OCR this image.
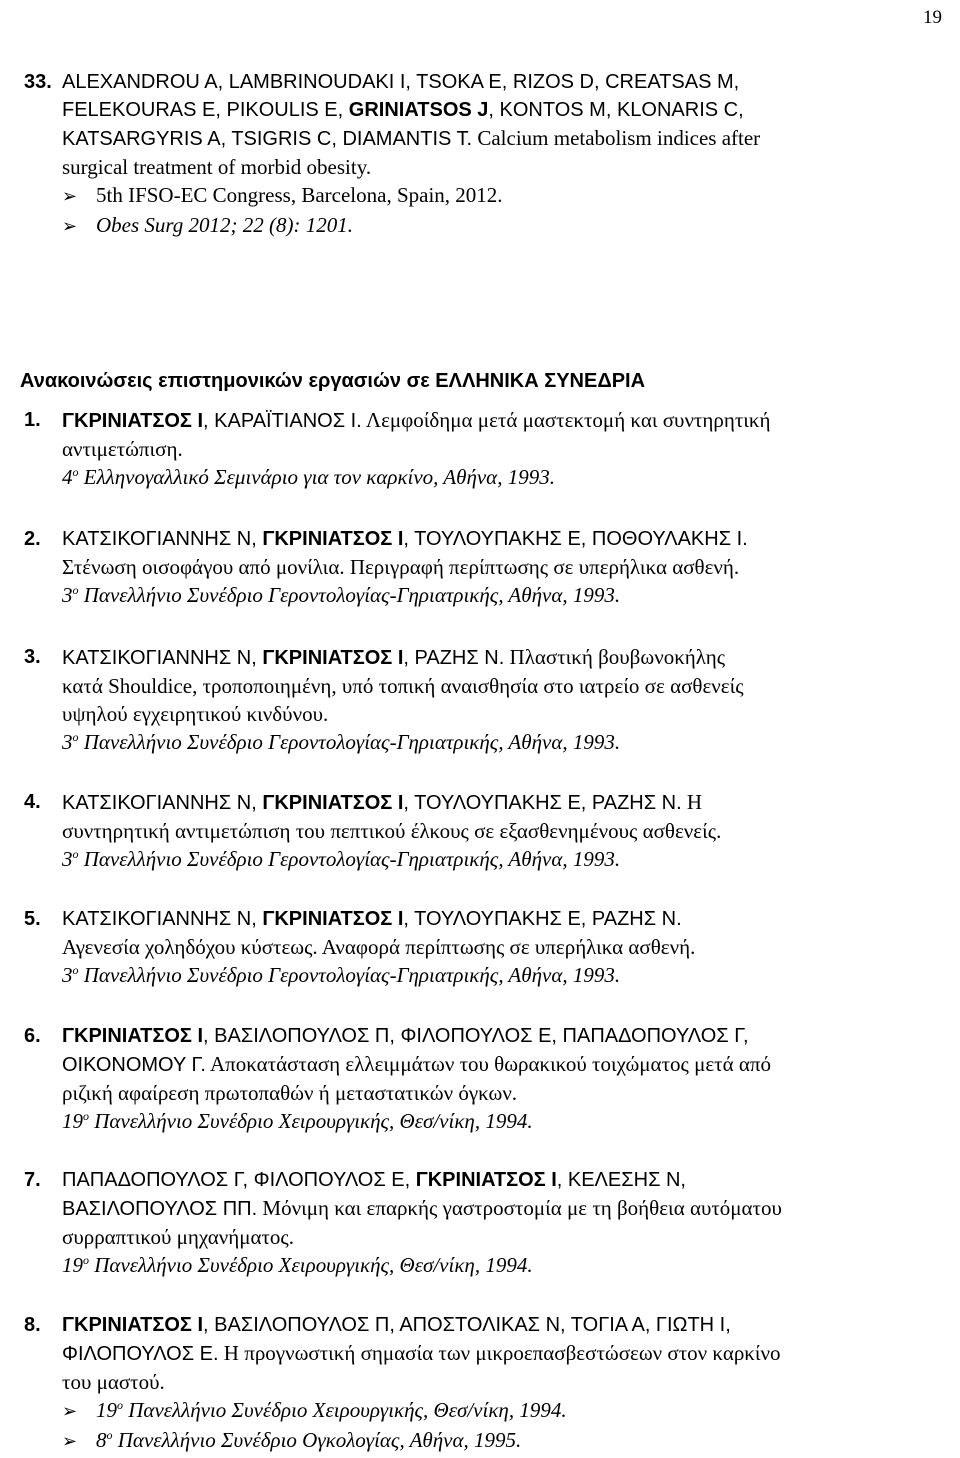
19
33. ALEXANDROU A, LAMBRINOUDAKI I, TSOKA E, RIZOS D, CREATSAS M,
FELEKOURAS E, PIKOULIS E, GRINIATSOS J, KONTOS M, KLONARIS C,
KATSARGYRIS A, TSIGRIS C, DIAMANTIS T. Calcium metabolism indices after
surgical treatment of morbid obesity.
➢ 5th IFSO-EC Congress, Barcelona, Spain, 2012.
➢ Obes Surg 2012; 22 (8): 1201.
Ανακοινώσεις επιστημονικών εργασιών σε ΕΛΛΗΝΙΚΑ ΣΥΝΕΔΡΙΑ
1. ΓΚΡΙΝΙΑΤΣΟΣ Ι, ΚΑΡΑΪΤΙΑΝΟΣ Ι. Λεμφοίδημα μετά μαστεκτομή και συντηρητική
αντιμετώπιση.
$4^o$ Ελληνογαλλικό Σεμινάριο για τον καρκίνο, Αθήνα, 1993.
2. ΚΑΤΣΙΚΟΓΙΑΝΝΗΣ Ν, ΓΚΡΙΝΙΑΤΣΟΣ Ι, ΤΟΥΛΟΥΠΑΚΗΣ Ε, ΠΟΘΟΥΛΑΚΗΣ Ι.
Στένωση οισοφάγου από μονίλια. Περιγραφή περίπτωσης σε υπερήλικα ασθενή.
$3^o$ Πανελλήνιο Συνέδριο Γεροντολογίας-Γηριατρικής, Αθήνα, 1993.
3. ΚΑΤΣΙΚΟΓΙΑΝΝΗΣ Ν, ΓΚΡΙΝΙΑΤΣΟΣ Ι, ΡΑΖΗΣ Ν. Πλαστική βουβωνοκήλης
κατά Shouldice, τροποποιημένη, υπό τοπική αναισθησία στο ιατρείο σε ασθενείς
υψηλού εγχειρητικού κινδύνου.
$3^o$ Πανελλήνιο Συνέδριο Γεροντολογίας-Γηριατρικής, Αθήνα, 1993.
4. ΚΑΤΣΙΚΟΓΙΑΝΝΗΣ Ν, ΓΚΡΙΝΙΑΤΣΟΣ Ι, ΤΟΥΛΟΥΠΑΚΗΣ Ε, ΡΑΖΗΣ Ν. Η
συντηρητική αντιμετώπιση του πεπτικού έλκους σε εξασθενημένους ασθενείς.
$3^o$ Πανελλήνιο Συνέδριο Γεροντολογίας-Γηριατρικής, Αθήνα, 1993.
5. ΚΑΤΣΙΚΟΓΙΑΝΝΗΣ Ν, ΓΚΡΙΝΙΑΤΣΟΣ Ι, ΤΟΥΛΟΥΠΑΚΗΣ Ε, ΡΑΖΗΣ Ν.
Αγενεσία χοληδόχου κύστεως. Αναφορά περίπτωσης σε υπερήλικα ασθενή.
$3^o$ Πανελλήνιο Συνέδριο Γεροντολογίας-Γηριατρικής, Αθήνα, 1993.
6. ΓΚΡΙΝΙΑΤΣΟΣ Ι, ΒΑΣΙΛΟΠΟΥΛΟΣ Π, ΦΙΛΟΠΟΥΛΟΣ Ε, ΠΑΠΑΔΟΠΟΥΛΟΣ Γ,
ΟΙΚΟΝΟΜΟΥ Γ. Αποκατάσταση ελλειμμάτων του θωρακικού τοιχώματος μετά από
ριζική αφαίρεση πρωτοπαθών ή μεταστατικών όγκων.
$19^o$ Πανελλήνιο Συνέδριο Χειρουργικής, Θεσ/νίκη, 1994.
7. ΠΑΠΑΔΟΠΟΥΛΟΣ Γ, ΦΙΛΟΠΟΥΛΟΣ Ε, ΓΚΡΙΝΙΑΤΣΟΣ Ι, ΚΕΛΕΣΗΣ Ν,
ΒΑΣΙΛΟΠΟΥΛΟΣ ΠΠ. Μόνιμη και επαρκής γαστροστομία με τη βοήθεια αυτόματου
συρραπτικού μηχανήματος.
$19^o$ Πανελλήνιο Συνέδριο Χειρουργικής, Θεσ/νίκη, 1994.
8. ΓΚΡΙΝΙΑΤΣΟΣ Ι, ΒΑΣΙΛΟΠΟΥΛΟΣ Π, ΑΠΟΣΤΟΛΙΚΑΣ Ν, ΤΟΓΙΑ Α, ΓΙΩΤΗ Ι,
ΦΙΛΟΠΟΥΛΟΣ Ε. Η προγνωστική σημασία των μικροεπασβεστώσεων στον καρκίνο
του μαστού.
➢ $19^o$ Πανελλήνιο Συνέδριο Χειρουργικής, Θεσ/νίκη, 1994.
➢ $8^o$ Πανελλήνιο Συνέδριο Ογκολογίας, Αθήνα, 1995.
